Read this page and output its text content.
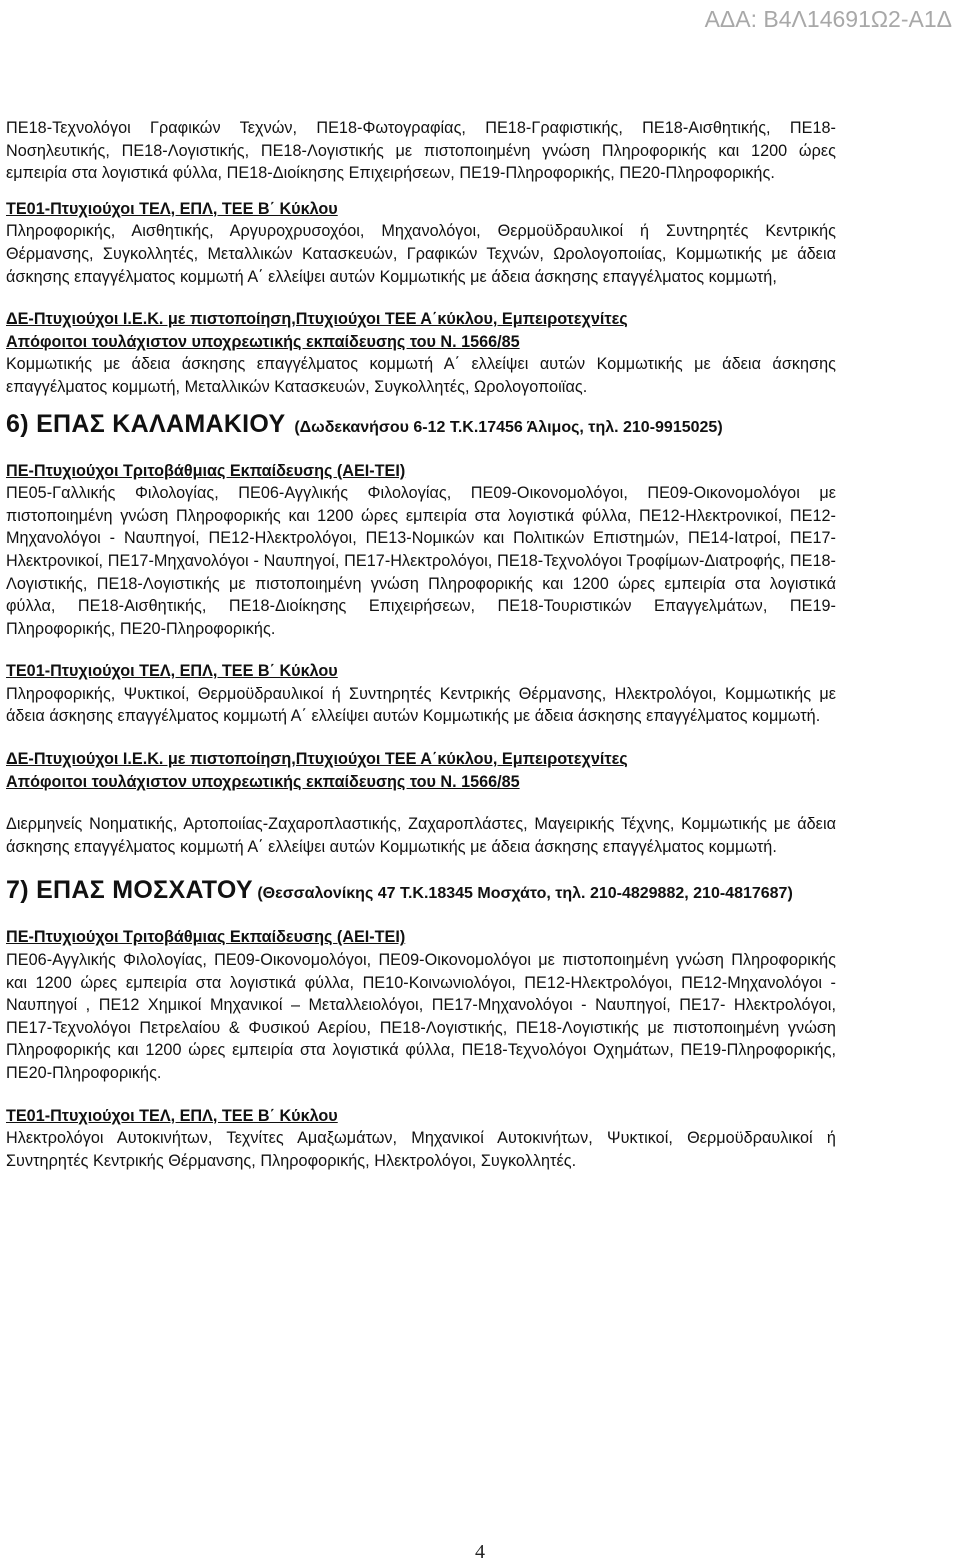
ΑΔΑ: Β4Λ14691Ω2-Α1Δ

ΠΕ18-Τεχνολόγοι Γραφικών Τεχνών, ΠΕ18-Φωτογραφίας, ΠΕ18-Γραφιστικής, ΠΕ18-Αισθητικής, ΠΕ18-Νοσηλευτικής, ΠΕ18-Λογιστικής, ΠΕ18-Λογιστικής με πιστοποιημένη γνώση Πληροφορικής και 1200 ώρες εμπειρία στα λογιστικά φύλλα, ΠΕ18-Διοίκησης Επιχειρήσεων, ΠΕ19-Πληροφορικής, ΠΕ20-Πληροφορικής.

ΤΕ01-Πτυχιούχοι ΤΕΛ, ΕΠΛ, ΤΕΕ Β΄ Κύκλου

Πληροφορικής, Αισθητικής, Αργυροχρυσοχόοι, Μηχανολόγοι, Θερμοϋδραυλικοί ή Συντηρητές Κεντρικής Θέρμανσης, Συγκολλητές, Μεταλλικών Κατασκευών, Γραφικών Τεχνών, Ωρολογοποιίας, Κομμωτικής με άδεια άσκησης επαγγέλματος κομμωτή Α΄ ελλείψει αυτών Κομμωτικής με άδεια άσκησης επαγγέλματος κομμωτή,

ΔΕ-Πτυχιούχοι Ι.Ε.Κ. με πιστοποίηση,Πτυχιούχοι ΤΕΕ Α΄κύκλου, Εμπειροτεχνίτες

Απόφοιτοι τουλάχιστον υποχρεωτικής εκπαίδευσης του Ν. 1566/85

Κομμωτικής με άδεια άσκησης επαγγέλματος κομμωτή Α΄ ελλείψει αυτών Κομμωτικής με άδεια άσκησης επαγγέλματος κομμωτή, Μεταλλικών Κατασκευών, Συγκολλητές, Ωρολογοποιϊας.

6) ΕΠΑΣ ΚΑΛΑΜΑΚΙΟΥ (Δωδεκανήσου 6-12 Τ.Κ.17456 Άλιμος, τηλ. 210-9915025)

ΠΕ-Πτυχιούχοι Τριτοβάθμιας Εκπαίδευσης (ΑΕΙ-ΤΕΙ)

ΠΕ05-Γαλλικής Φιλολογίας, ΠΕ06-Αγγλικής Φιλολογίας, ΠΕ09-Οικονομολόγοι, ΠΕ09-Οικονομολόγοι με πιστοποιημένη γνώση Πληροφορικής και 1200 ώρες εμπειρία στα λογιστικά φύλλα, ΠΕ12-Ηλεκτρονικοί, ΠΕ12-Μηχανολόγοι - Ναυπηγοί, ΠΕ12-Ηλεκτρολόγοι, ΠΕ13-Νομικών και Πολιτικών Επιστημών, ΠΕ14-Ιατροί, ΠΕ17-Ηλεκτρονικοί, ΠΕ17-Μηχανολόγοι - Ναυπηγοί, ΠΕ17-Ηλεκτρολόγοι, ΠΕ18-Τεχνολόγοι Τροφίμων-Διατροφής, ΠΕ18-Λογιστικής, ΠΕ18-Λογιστικής με πιστοποιημένη γνώση Πληροφορικής και 1200 ώρες εμπειρία στα λογιστικά φύλλα, ΠΕ18-Αισθητικής, ΠΕ18-Διοίκησης Επιχειρήσεων, ΠΕ18-Τουριστικών Επαγγελμάτων, ΠΕ19-Πληροφορικής, ΠΕ20-Πληροφορικής.

ΤΕ01-Πτυχιούχοι ΤΕΛ, ΕΠΛ, ΤΕΕ Β΄ Κύκλου

Πληροφορικής, Ψυκτικοί, Θερμοϋδραυλικοί ή Συντηρητές Κεντρικής Θέρμανσης, Ηλεκτρολόγοι, Κομμωτικής με άδεια άσκησης επαγγέλματος κομμωτή Α΄ ελλείψει αυτών Κομμωτικής με άδεια άσκησης επαγγέλματος κομμωτή.

ΔΕ-Πτυχιούχοι Ι.Ε.Κ. με πιστοποίηση,Πτυχιούχοι ΤΕΕ Α΄κύκλου, Εμπειροτεχνίτες

Απόφοιτοι τουλάχιστον υποχρεωτικής εκπαίδευσης του Ν. 1566/85

Διερμηνείς Νοηματικής, Αρτοποιίας-Ζαχαροπλαστικής, Ζαχαροπλάστες, Μαγειρικής Τέχνης, Κομμωτικής με άδεια άσκησης επαγγέλματος κομμωτή Α΄ ελλείψει αυτών Κομμωτικής με άδεια άσκησης επαγγέλματος κομμωτή.

7) ΕΠΑΣ ΜΟΣΧΑΤΟΥ (Θεσσαλονίκης 47 Τ.Κ.18345 Μοσχάτο, τηλ. 210-4829882, 210-4817687)

ΠΕ-Πτυχιούχοι Τριτοβάθμιας Εκπαίδευσης (ΑΕΙ-ΤΕΙ)

ΠΕ06-Αγγλικής Φιλολογίας, ΠΕ09-Οικονομολόγοι, ΠΕ09-Οικονομολόγοι με πιστοποιημένη γνώση Πληροφορικής και 1200 ώρες εμπειρία στα λογιστικά φύλλα, ΠΕ10-Κοινωνιολόγοι, ΠΕ12-Ηλεκτρολόγοι, ΠΕ12-Μηχανολόγοι - Ναυπηγοί , ΠΕ12 Χημικοί Μηχανικοί – Μεταλλειολόγοι, ΠΕ17-Μηχανολόγοι - Ναυπηγοί, ΠΕ17- Ηλεκτρολόγοι, ΠΕ17-Τεχνολόγοι Πετρελαίου & Φυσικού Αερίου, ΠΕ18-Λογιστικής, ΠΕ18-Λογιστικής με πιστοποιημένη γνώση Πληροφορικής και 1200 ώρες εμπειρία στα λογιστικά φύλλα, ΠΕ18-Τεχνολόγοι Οχημάτων, ΠΕ19-Πληροφορικής, ΠΕ20-Πληροφορικής.

ΤΕ01-Πτυχιούχοι ΤΕΛ, ΕΠΛ, ΤΕΕ Β΄ Κύκλου

Ηλεκτρολόγοι Αυτοκινήτων, Τεχνίτες Αμαξωμάτων, Μηχανικοί Αυτοκινήτων, Ψυκτικοί, Θερμοϋδραυλικοί ή Συντηρητές Κεντρικής Θέρμανσης, Πληροφορικής, Ηλεκτρολόγοι, Συγκολλητές.

4
